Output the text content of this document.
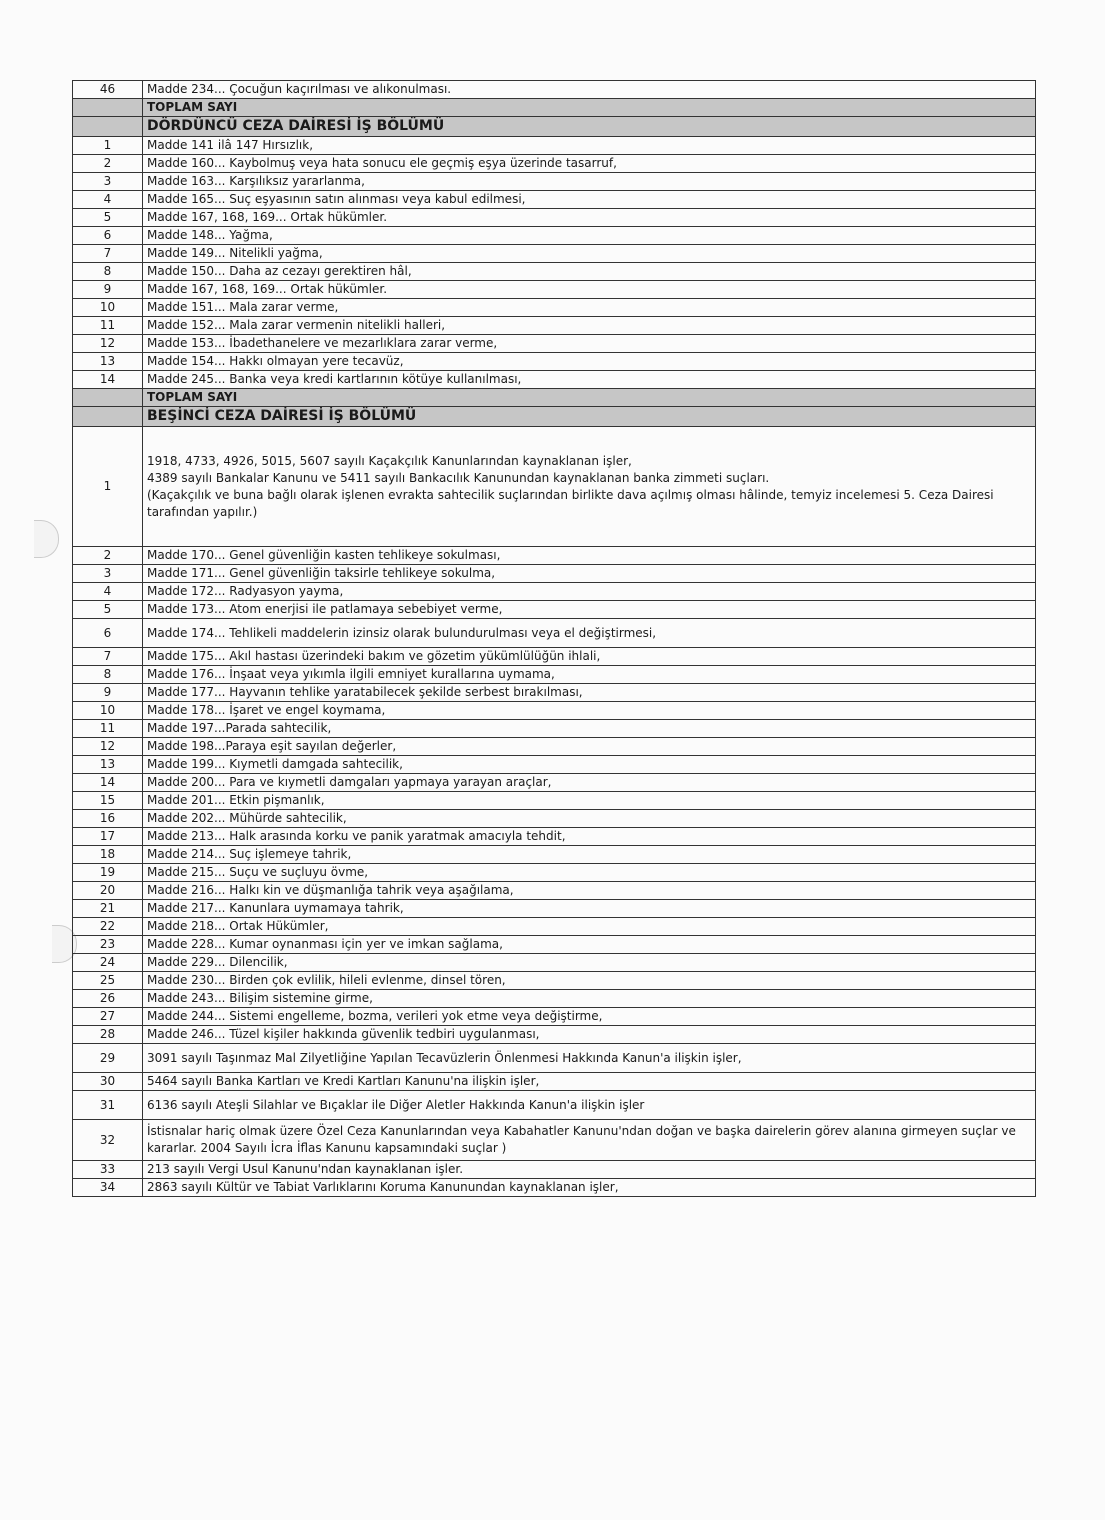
46	Madde 234... Çocuğun kaçırılması ve alıkonulması.
	TOPLAM SAYI
	DÖRDÜNCÜ CEZA DAİRESİ İŞ BÖLÜMÜ
1	Madde 141 ilâ 147 Hırsızlık,
2	Madde 160... Kaybolmuş veya hata sonucu ele geçmiş eşya üzerinde tasarruf,
3	Madde 163... Karşılıksız yararlanma,
4	Madde 165... Suç eşyasının satın alınması veya kabul edilmesi,
5	Madde 167, 168, 169... Ortak hükümler.
6	Madde 148... Yağma,
7	Madde 149... Nitelikli yağma,
8	Madde 150... Daha az cezayı gerektiren hâl,
9	Madde 167, 168, 169... Ortak hükümler.
10	Madde 151... Mala zarar verme,
11	Madde 152... Mala zarar vermenin nitelikli halleri,
12	Madde 153... İbadethanelere ve mezarlıklara zarar verme,
13	Madde 154... Hakkı olmayan yere tecavüz,
14	Madde 245... Banka veya kredi kartlarının kötüye kullanılması,
	TOPLAM SAYI
	BEŞİNCİ CEZA DAİRESİ İŞ BÖLÜMÜ
1	1918, 4733, 4926, 5015, 5607 sayılı Kaçakçılık Kanunlarından kaynaklanan işler,
4389 sayılı Bankalar Kanunu ve 5411 sayılı Bankacılık Kanunundan kaynaklanan banka zimmeti suçları.
(Kaçakçılık ve buna bağlı olarak işlenen evrakta sahtecilik suçlarından birlikte dava açılmış olması hâlinde, temyiz incelemesi 5. Ceza Dairesi tarafından yapılır.)

2	Madde 170... Genel güvenliğin kasten tehlikeye sokulması,
3	Madde 171... Genel güvenliğin taksirle tehlikeye sokulma,
4	Madde 172... Radyasyon yayma,
5	Madde 173... Atom enerjisi ile patlamaya sebebiyet verme,
6	Madde 174... Tehlikeli maddelerin izinsiz olarak bulundurulması veya el değiştirmesi,
7	Madde 175... Akıl hastası üzerindeki bakım ve gözetim yükümlülüğün ihlali,
8	Madde 176... İnşaat veya yıkımla ilgili emniyet kurallarına uymama,
9	Madde 177... Hayvanın tehlike yaratabilecek şekilde serbest bırakılması,
10	Madde 178... İşaret ve engel koymama,
11	Madde 197...Parada sahtecilik,
12	Madde 198...Paraya eşit sayılan değerler,
13	Madde 199... Kıymetli damgada sahtecilik,
14	Madde 200... Para ve kıymetli damgaları yapmaya yarayan araçlar,
15	Madde 201... Etkin pişmanlık,
16	Madde 202... Mühürde sahtecilik,
17	Madde 213... Halk arasında korku ve panik yaratmak amacıyla tehdit,
18	Madde 214... Suç işlemeye tahrik,
19	Madde 215... Suçu ve suçluyu övme,
20	Madde 216... Halkı kin ve düşmanlığa tahrik veya aşağılama,
21	Madde 217... Kanunlara uymamaya tahrik,
22	Madde 218... Ortak Hükümler,
23	Madde 228... Kumar oynanması için yer ve imkan sağlama,
24	Madde 229... Dilencilik,
25	Madde 230... Birden çok evlilik, hileli evlenme, dinsel tören,
26	Madde 243... Bilişim sistemine girme,
27	Madde 244... Sistemi engelleme, bozma, verileri yok etme veya değiştirme,
28	Madde 246... Tüzel kişiler hakkında güvenlik tedbiri uygulanması,
29	3091 sayılı Taşınmaz Mal Zilyetliğine Yapılan Tecavüzlerin Önlenmesi Hakkında Kanun'a ilişkin işler,
30	5464 sayılı Banka Kartları ve Kredi Kartları Kanunu'na ilişkin işler,
31	6136 sayılı Ateşli Silahlar ve Bıçaklar ile Diğer Aletler Hakkında Kanun'a ilişkin işler
32	İstisnalar hariç olmak üzere Özel Ceza Kanunlarından veya Kabahatler Kanunu'ndan doğan ve başka dairelerin görev alanına girmeyen suçlar ve kararlar. 2004 Sayılı İcra İflas Kanunu kapsamındaki suçlar )
33	213 sayılı Vergi Usul Kanunu'ndan kaynaklanan işler.
34	2863 sayılı Kültür ve Tabiat Varlıklarını Koruma Kanunundan kaynaklanan işler,
